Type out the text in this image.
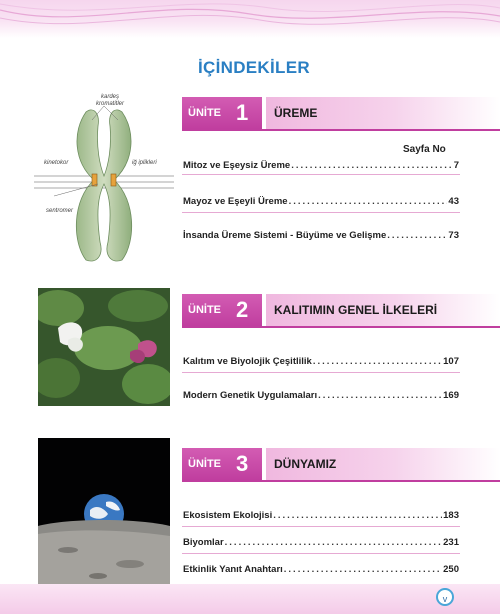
İÇİNDEKİLER
kardeş kromatitler
kinetokor	iğ iplikleri
sentromer
ÜNİTE 1 ÜREME
Sayfa No
Mitoz ve Eşeysiz Üreme .....	7
Mayoz ve Eşeyli Üreme .....	43
İnsanda Üreme Sistemi - Büyüme ve Gelişme .....	73
ÜNİTE 2 KALITIMIN GENEL İLKELERİ
Kalıtım ve Biyolojik Çeşitlilik .....	107
Modern Genetik Uygulamaları .....	169
ÜNİTE 3 DÜNYAMIZ
Ekosistem Ekolojisi .....	183
Biyomlar .....	231
Etkinlik Yanıt Anahtarı .....	250
v
